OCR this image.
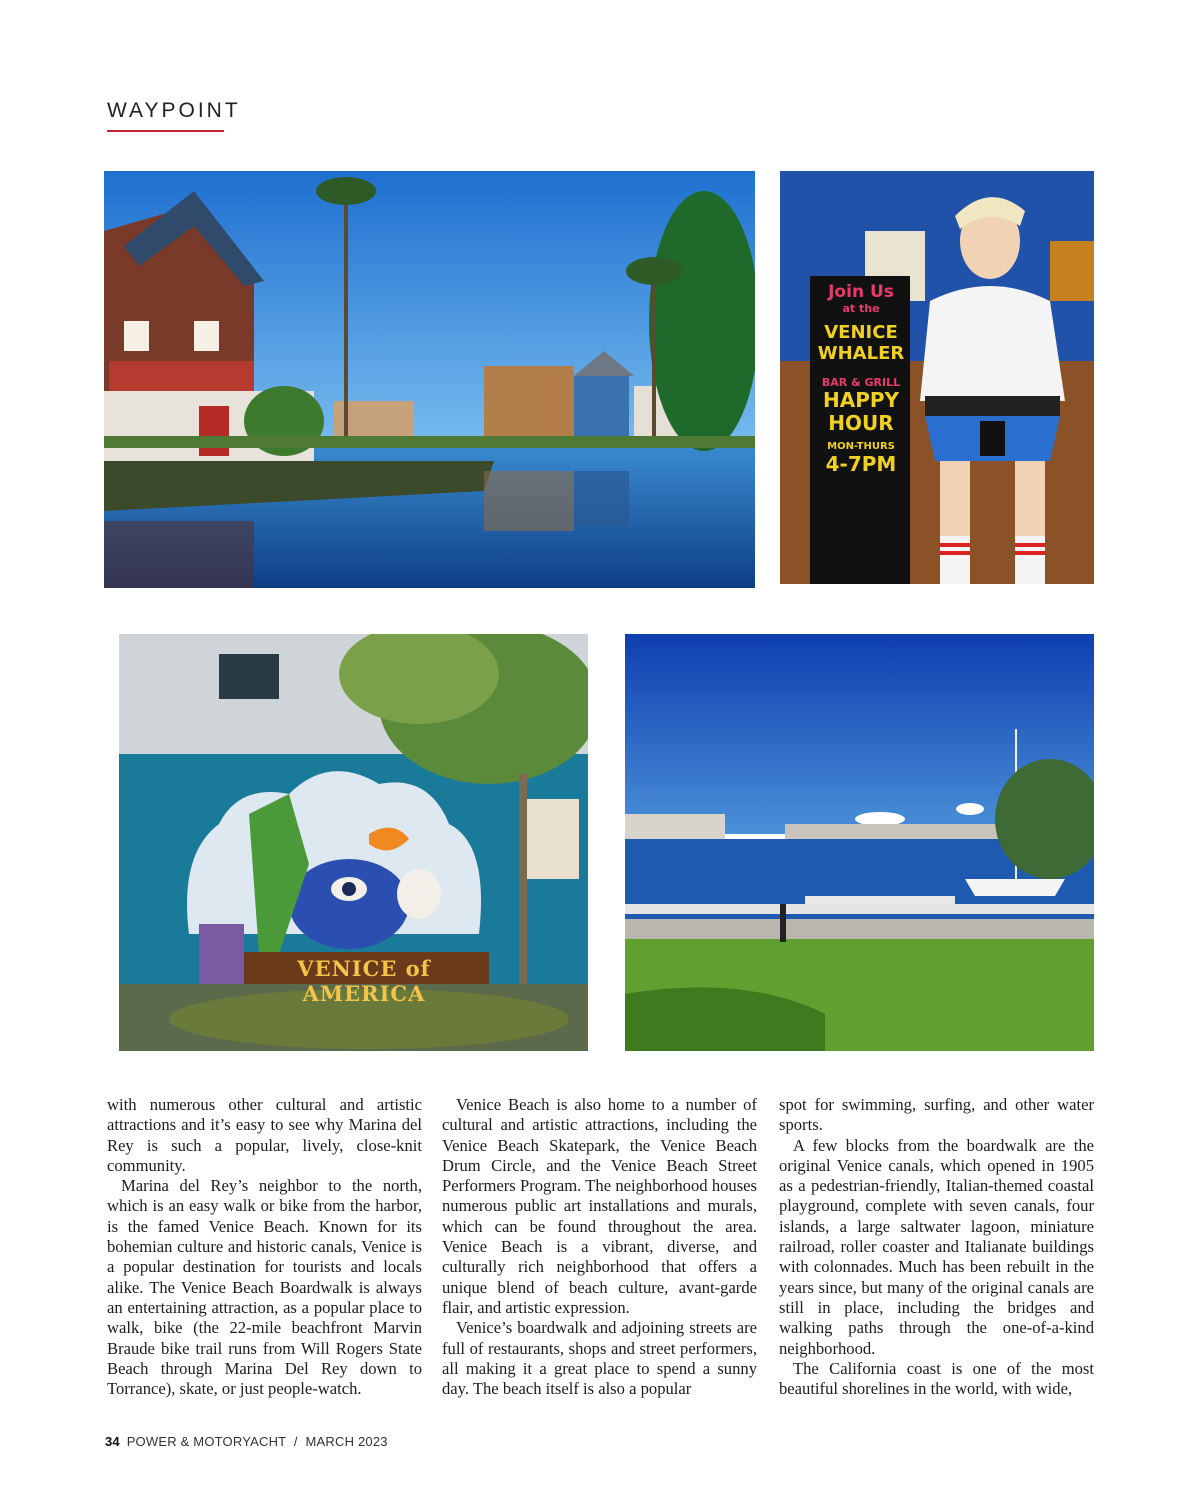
WAYPOINT
Join Us
at the
VENICE
WHALER
BAR & GRILL
HAPPY
HOUR
MON-THURS
4-7PM
VENICE of AMERICA

with numerous other cultural and artistic attractions and it’s easy to see why Marina del Rey is such a popular, lively, close-knit community.

Marina del Rey’s neighbor to the north, which is an easy walk or bike from the harbor, is the famed Venice Beach. Known for its bohemian culture and historic canals, Venice is a popular destination for tourists and locals alike. The Venice Beach Boardwalk is always an entertaining attraction, as a popular place to walk, bike (the 22-mile beachfront Marvin Braude bike trail runs from Will Rogers State Beach through Marina Del Rey down to Torrance), skate, or just people-watch.

Venice Beach is also home to a number of cultural and artistic attractions, including the Venice Beach Skatepark, the Venice Beach Drum Circle, and the Venice Beach Street Performers Program. The neighborhood houses numerous public art installations and murals, which can be found throughout the area. Venice Beach is a vibrant, diverse, and culturally rich neighborhood that offers a unique blend of beach culture, avant-garde flair, and artistic expression.

Venice’s boardwalk and adjoining streets are full of restaurants, shops and street performers, all making it a great place to spend a sunny day. The beach itself is also a popular

spot for swimming, surfing, and other water sports.

A few blocks from the boardwalk are the original Venice canals, which opened in 1905 as a pedestrian-friendly, Italian-themed coastal playground, complete with seven canals, four islands, a large saltwater lagoon, miniature railroad, roller coaster and Italianate buildings with colonnades. Much has been rebuilt in the years since, but many of the original canals are still in place, including the bridges and walking paths through the one-of-a-kind neighborhood.

The California coast is one of the most beautiful shorelines in the world, with wide,

34 POWER & MOTORYACHT / MARCH 2023
